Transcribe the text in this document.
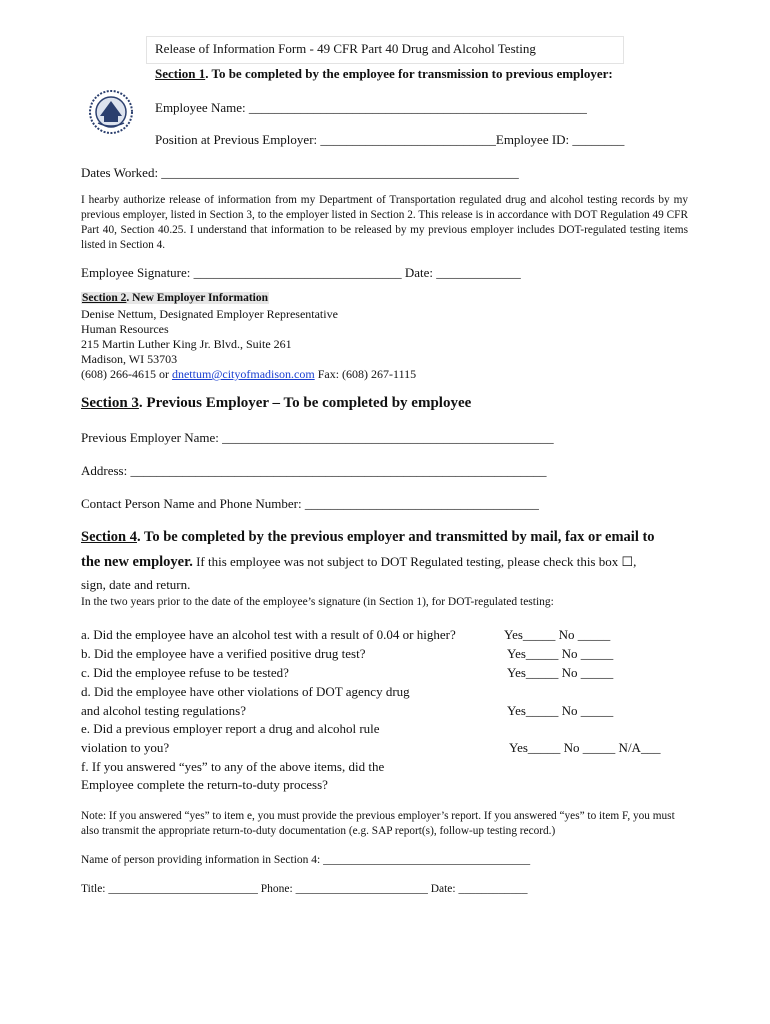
Release of Information Form - 49 CFR Part 40 Drug and Alcohol Testing
Section 1. To be completed by the employee for transmission to previous employer:
Employee Name: ____________________________________________________
Position at Previous Employer: ___________________________Employee ID: ________
Dates Worked: _______________________________________________________
I hearby authorize release of information from my Department of Transportation regulated drug and alcohol testing records by my previous employer, listed in Section 3, to the employer listed in Section 2. This release is in accordance with DOT Regulation 49 CFR Part 40, Section 40.25. I understand that information to be released by my previous employer includes DOT-regulated testing items listed in Section 4.
Employee Signature: ________________________________ Date: _____________
Section 2. New Employer Information
Denise Nettum, Designated Employer Representative
Human Resources
215 Martin Luther King Jr. Blvd., Suite 261
Madison, WI 53703
(608) 266-4615 or dnettum@cityofmadison.com Fax: (608) 267-1115
Section 3. Previous Employer – To be completed by employee
Previous Employer Name: ___________________________________________________
Address: ________________________________________________________________
Contact Person Name and Phone Number: ____________________________________
Section 4. To be completed by the previous employer and transmitted by mail, fax or email to
the new employer. If this employee was not subject to DOT Regulated testing, please check this box ☐,
sign, date and return.
In the two years prior to the date of the employee’s signature (in Section 1), for DOT-regulated testing:
a. Did the employee have an alcohol test with a result of 0.04 or higher?	Yes_____ No _____
b. Did the employee have a verified positive drug test?	Yes_____ No _____
c. Did the employee refuse to be tested?	Yes_____ No _____
d. Did the employee have other violations of DOT agency drug
and alcohol testing regulations?	Yes_____ No _____
e. Did a previous employer report a drug and alcohol rule
violation to you?	Yes_____ No _____ N/A___
f. If you answered “yes” to any of the above items, did the
Employee complete the return-to-duty process?
Note: If you answered “yes” to item e, you must provide the previous employer’s report. If you answered “yes” to item F, you must also transmit the appropriate return-to-duty documentation (e.g. SAP report(s), follow-up testing record.)
Name of person providing information in Section 4: ____________________________________
Title: __________________________ Phone: _______________________ Date: ____________
